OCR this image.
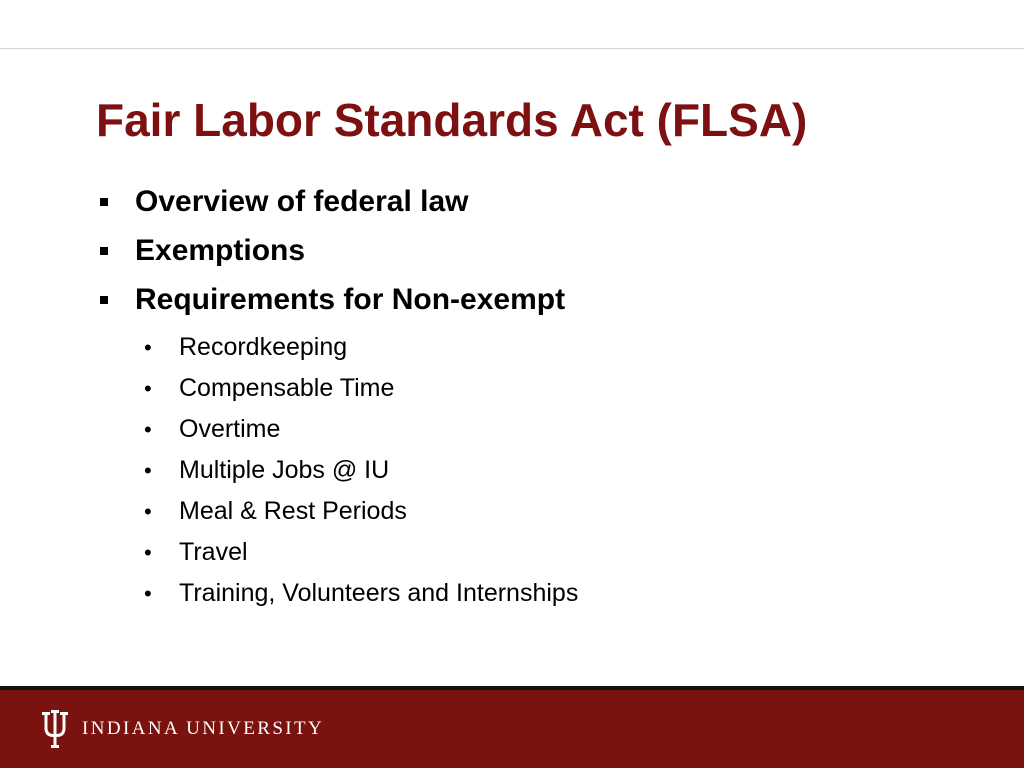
Fair Labor Standards Act (FLSA)
Overview of federal law
Exemptions
Requirements for Non-exempt
• Recordkeeping
• Compensable Time
• Overtime
• Multiple Jobs @ IU
• Meal & Rest Periods
• Travel
• Training, Volunteers and Internships
INDIANA UNIVERSITY
